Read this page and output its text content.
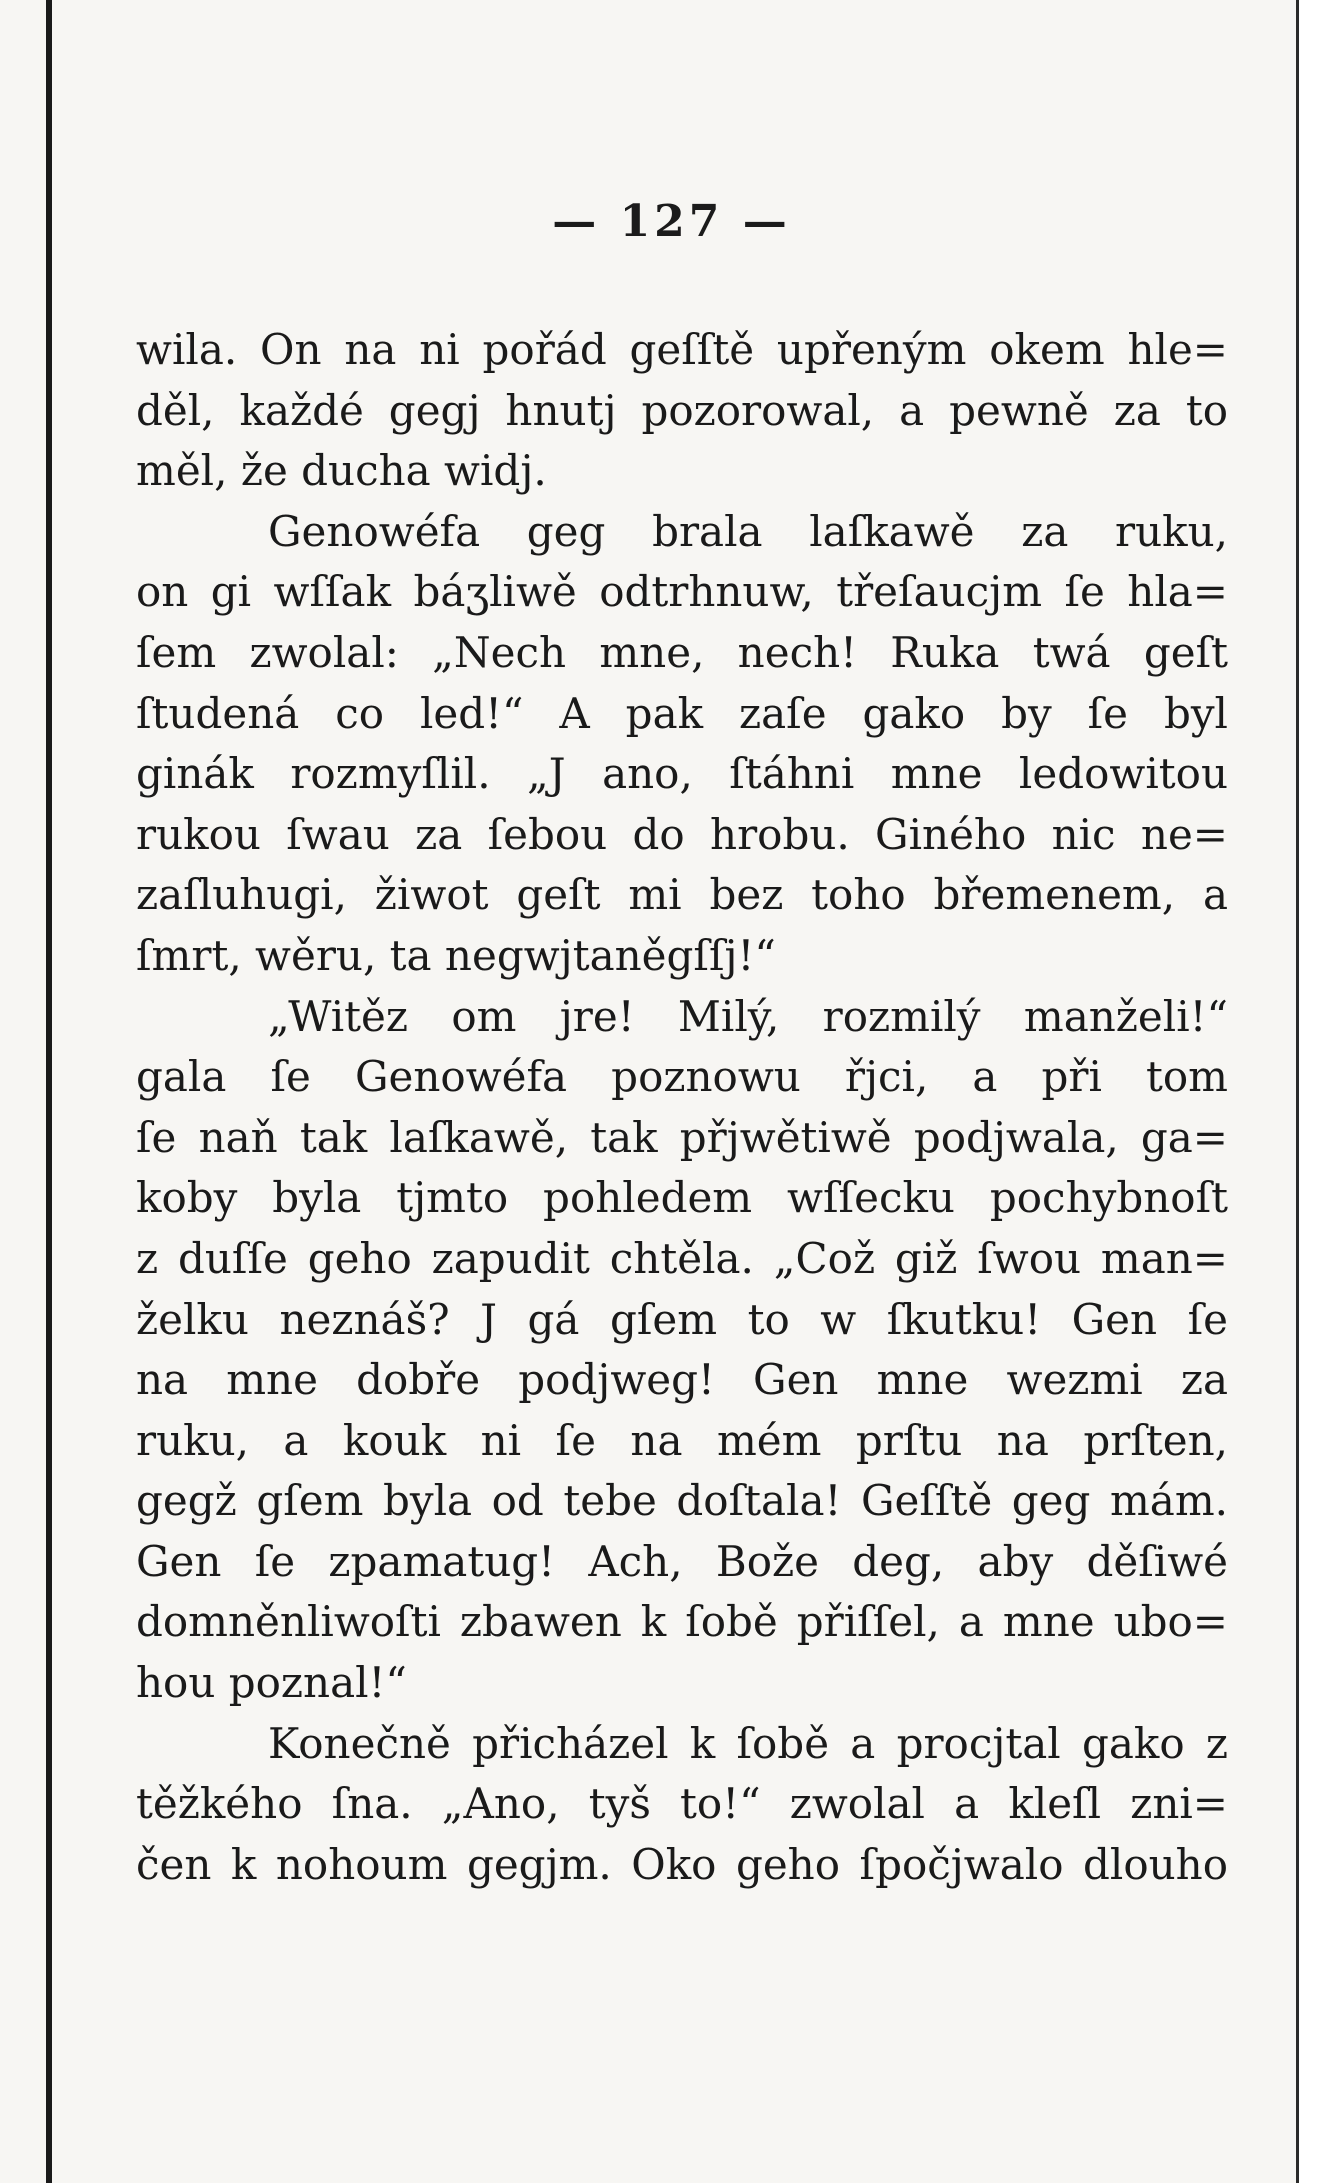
— 127 —
wila. On na ni pořád geſſtě upřeným okem hle=
děl, každé gegj hnutj pozorowal, a pewně za to
měl, že ducha widj.
Genowéfa geg brala laſkawě za ruku,
on gi wſſak báʒliwě odtrhnuw, třeſaucjm ſe hla=
ſem zwolal: „Nech mne, nech! Ruka twá geſt
ſtudená co led!“ A pak zaſe gako by ſe byl
ginák rozmyſlil. „J ano, ſtáhni mne ledowitou
rukou ſwau za ſebou do hrobu. Giného nic ne=
zaſluhugi, žiwot geſt mi bez toho břemenem, a
ſmrt, wěru, ta negwjtaněgſſj!“
„Witěz om jre! Milý, rozmilý manželi!“
gala ſe Genowéfa poznowu řjci, a při tom
ſe naň tak laſkawě, tak přjwětiwě podjwala, ga=
koby byla tjmto pohledem wſſecku pochybnoſt
z duſſe geho zapudit chtěla. „Což giž ſwou man=
želku neznáš? J gá gſem to w ſkutku! Gen ſe
na mne dobře podjweg! Gen mne wezmi za
ruku, a kouk ni ſe na mém prſtu na prſten,
gegž gſem byla od tebe doſtala! Geſſtě geg mám.
Gen ſe zpamatug! Ach, Bože deg, aby děſiwé
domněnliwoſti zbawen k ſobě přiſſel, a mne ubo=
hou poznal!“
Konečně přicházel k ſobě a procjtal gako z
těžkého ſna. „Ano, tyš to!“ zwolal a kleſl zni=
čen k nohoum gegjm. Oko geho ſpočjwalo dlouho
